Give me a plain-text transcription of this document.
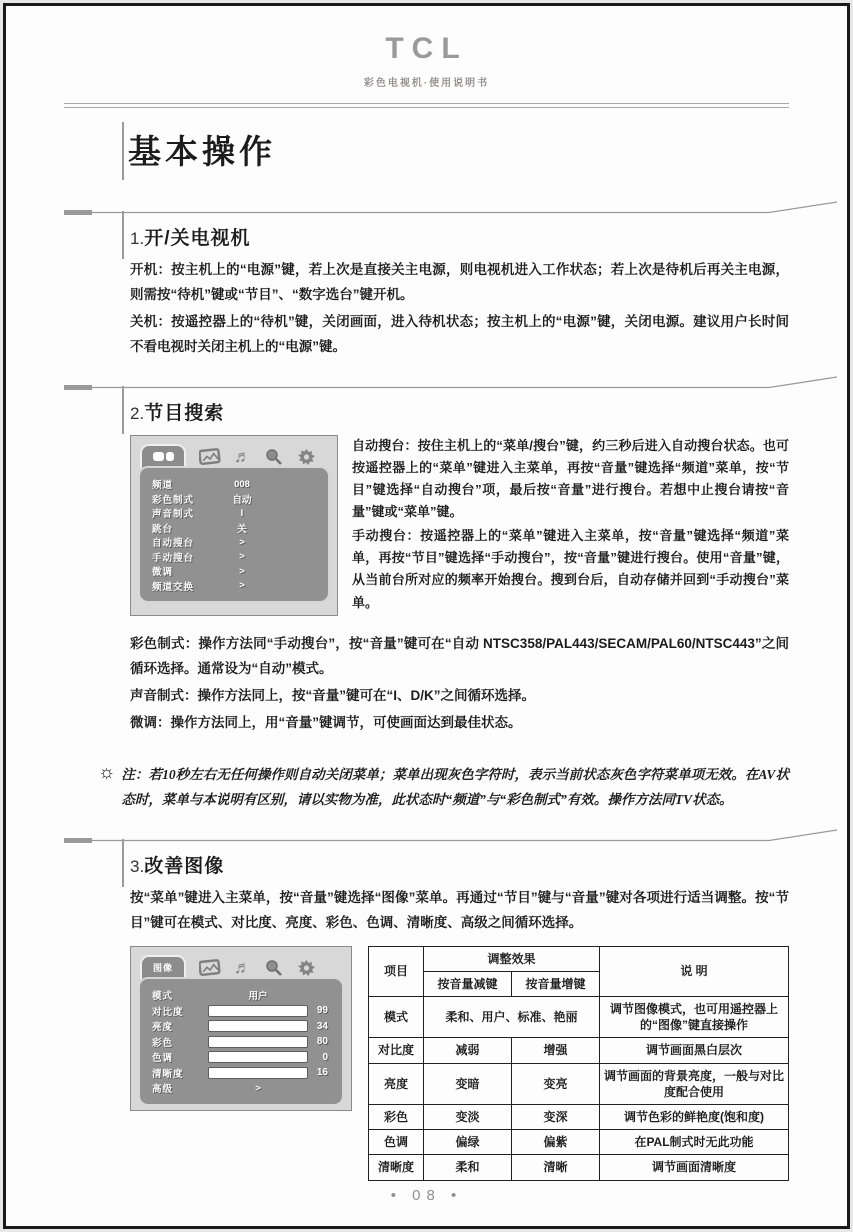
TCL
彩色电视机·使用说明书
基本操作
1.开/关电视机

开机：按主机上的“电源”键，若上次是直接关主电源，则电视机进入工作状态；若上次是待机后再关主电源，则需按“待机”键或“节目”、“数字选台”键开机。

关机：按遥控器上的“待机”键，关闭画面，进入待机状态；按主机上的“电源”键，关闭电源。建议用户长时间不看电视时关闭主机上的“电源”键。

2.节目搜索
♬
频道	008
彩色制式	自动
声音制式	I
跳台	关
自动搜台	>
手动搜台	>
微调	>
频道交换	>

自动搜台：按住主机上的“菜单/搜台”键，约三秒后进入自动搜台状态。也可按遥控器上的“菜单”键进入主菜单，再按“音量”键选择“频道”菜单，按“节目”键选择“自动搜台”项，最后按“音量”进行搜台。若想中止搜台请按“音量”键或“菜单”键。

手动搜台：按遥控器上的“菜单”键进入主菜单，按“音量”键选择“频道”菜单，再按“节目”键选择“手动搜台”，按“音量”键进行搜台。使用“音量”键，从当前台所对应的频率开始搜台。搜到台后，自动存储并回到“手动搜台”菜单。

彩色制式：操作方法同“手动搜台”，按“音量”键可在“自动 NTSC358/PAL443/SECAM/PAL60/NTSC443”之间循环选择。通常设为“自动”模式。

声音制式：操作方法同上，按“音量”键可在“I、D/K”之间循环选择。

微调：操作方法同上，用“音量”键调节，可使画面达到最佳状态。

☼ 注：若10秒左右无任何操作则自动关闭菜单；菜单出现灰色字符时，表示当前状态灰色字符菜单项无效。在AV状态时，菜单与本说明有区别，请以实物为准，此状态时“频道”与“彩色制式”有效。操作方法同TV状态。
3.改善图像

按“菜单”键进入主菜单，按“音量”键选择“图像”菜单。再通过“节目”键与“音量”键对各项进行适当调整。按“节目”键可在模式、对比度、亮度、彩色、色调、清晰度、高级之间循环选择。

图像	♬
模式	用户
对比度	99
亮度	34
彩色	80
色调	0
清晰度	16
高级	>
项目	调整效果		说 明
	按音量减键	按音量增键	
模式	柔和、用户、标准、艳丽		调节图像模式，也可用遥控器上的“图像”键直接操作
对比度	减弱	增强	调节画面黑白层次
亮度	变暗	变亮	调节画面的背景亮度，一般与对比度配合使用
彩色	变淡	变深	调节色彩的鲜艳度(饱和度)
色调	偏绿	偏紫	在PAL制式时无此功能
清晰度	柔和	清晰	调节画面清晰度
• 08 •
